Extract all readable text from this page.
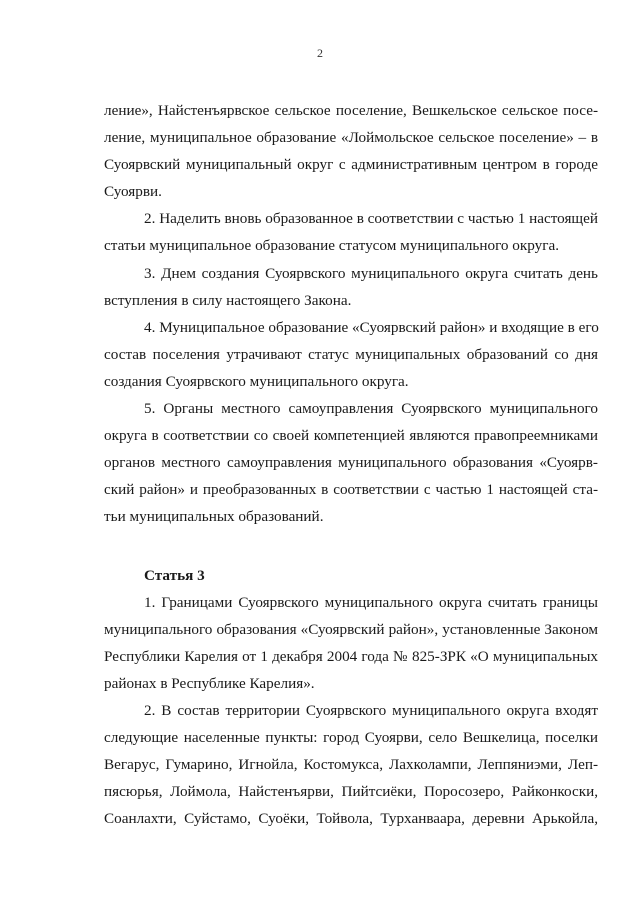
2
ление», Найстенъярвское сельское поселение, Вешкельское сельское посе-
ление, муниципальное образование «Лоймольское сельское поселение» – в
Суоярвский муниципальный округ с административным центром в городе
Суоярви.
2. Наделить вновь образованное в соответствии с частью 1 настоящей
статьи муниципальное образование статусом муниципального округа.
3. Днем создания Суоярвского муниципального округа считать день
вступления в силу настоящего Закона.
4. Муниципальное образование «Суоярвский район» и входящие в его
состав поселения утрачивают статус муниципальных образований со дня
создания Суоярвского муниципального округа.
5. Органы местного самоуправления Суоярвского муниципального
округа в соответствии со своей компетенцией являются правопреемниками
органов местного самоуправления муниципального образования «Суоярв-
ский район» и преобразованных в соответствии с частью 1 настоящей ста-
тьи муниципальных образований.
Статья 3
1. Границами Суоярвского муниципального округа считать границы
муниципального образования «Суоярвский район», установленные Законом
Республики Карелия от 1 декабря 2004 года № 825-ЗРК «О муниципальных
районах в Республике Карелия».
2. В состав территории Суоярвского муниципального округа входят
следующие населенные пункты: город Суоярви, село Вешкелица, поселки
Вегарус, Гумарино, Игнойла, Костомукса, Лахколампи, Леппяниэми, Леп-
пясюрья, Лоймола, Найстенъярви, Пийтсиёки, Поросозеро, Райконкоски,
Соанлахти, Суйстамо, Суоёки, Тойвола, Турханваара, деревни Арькойла,
